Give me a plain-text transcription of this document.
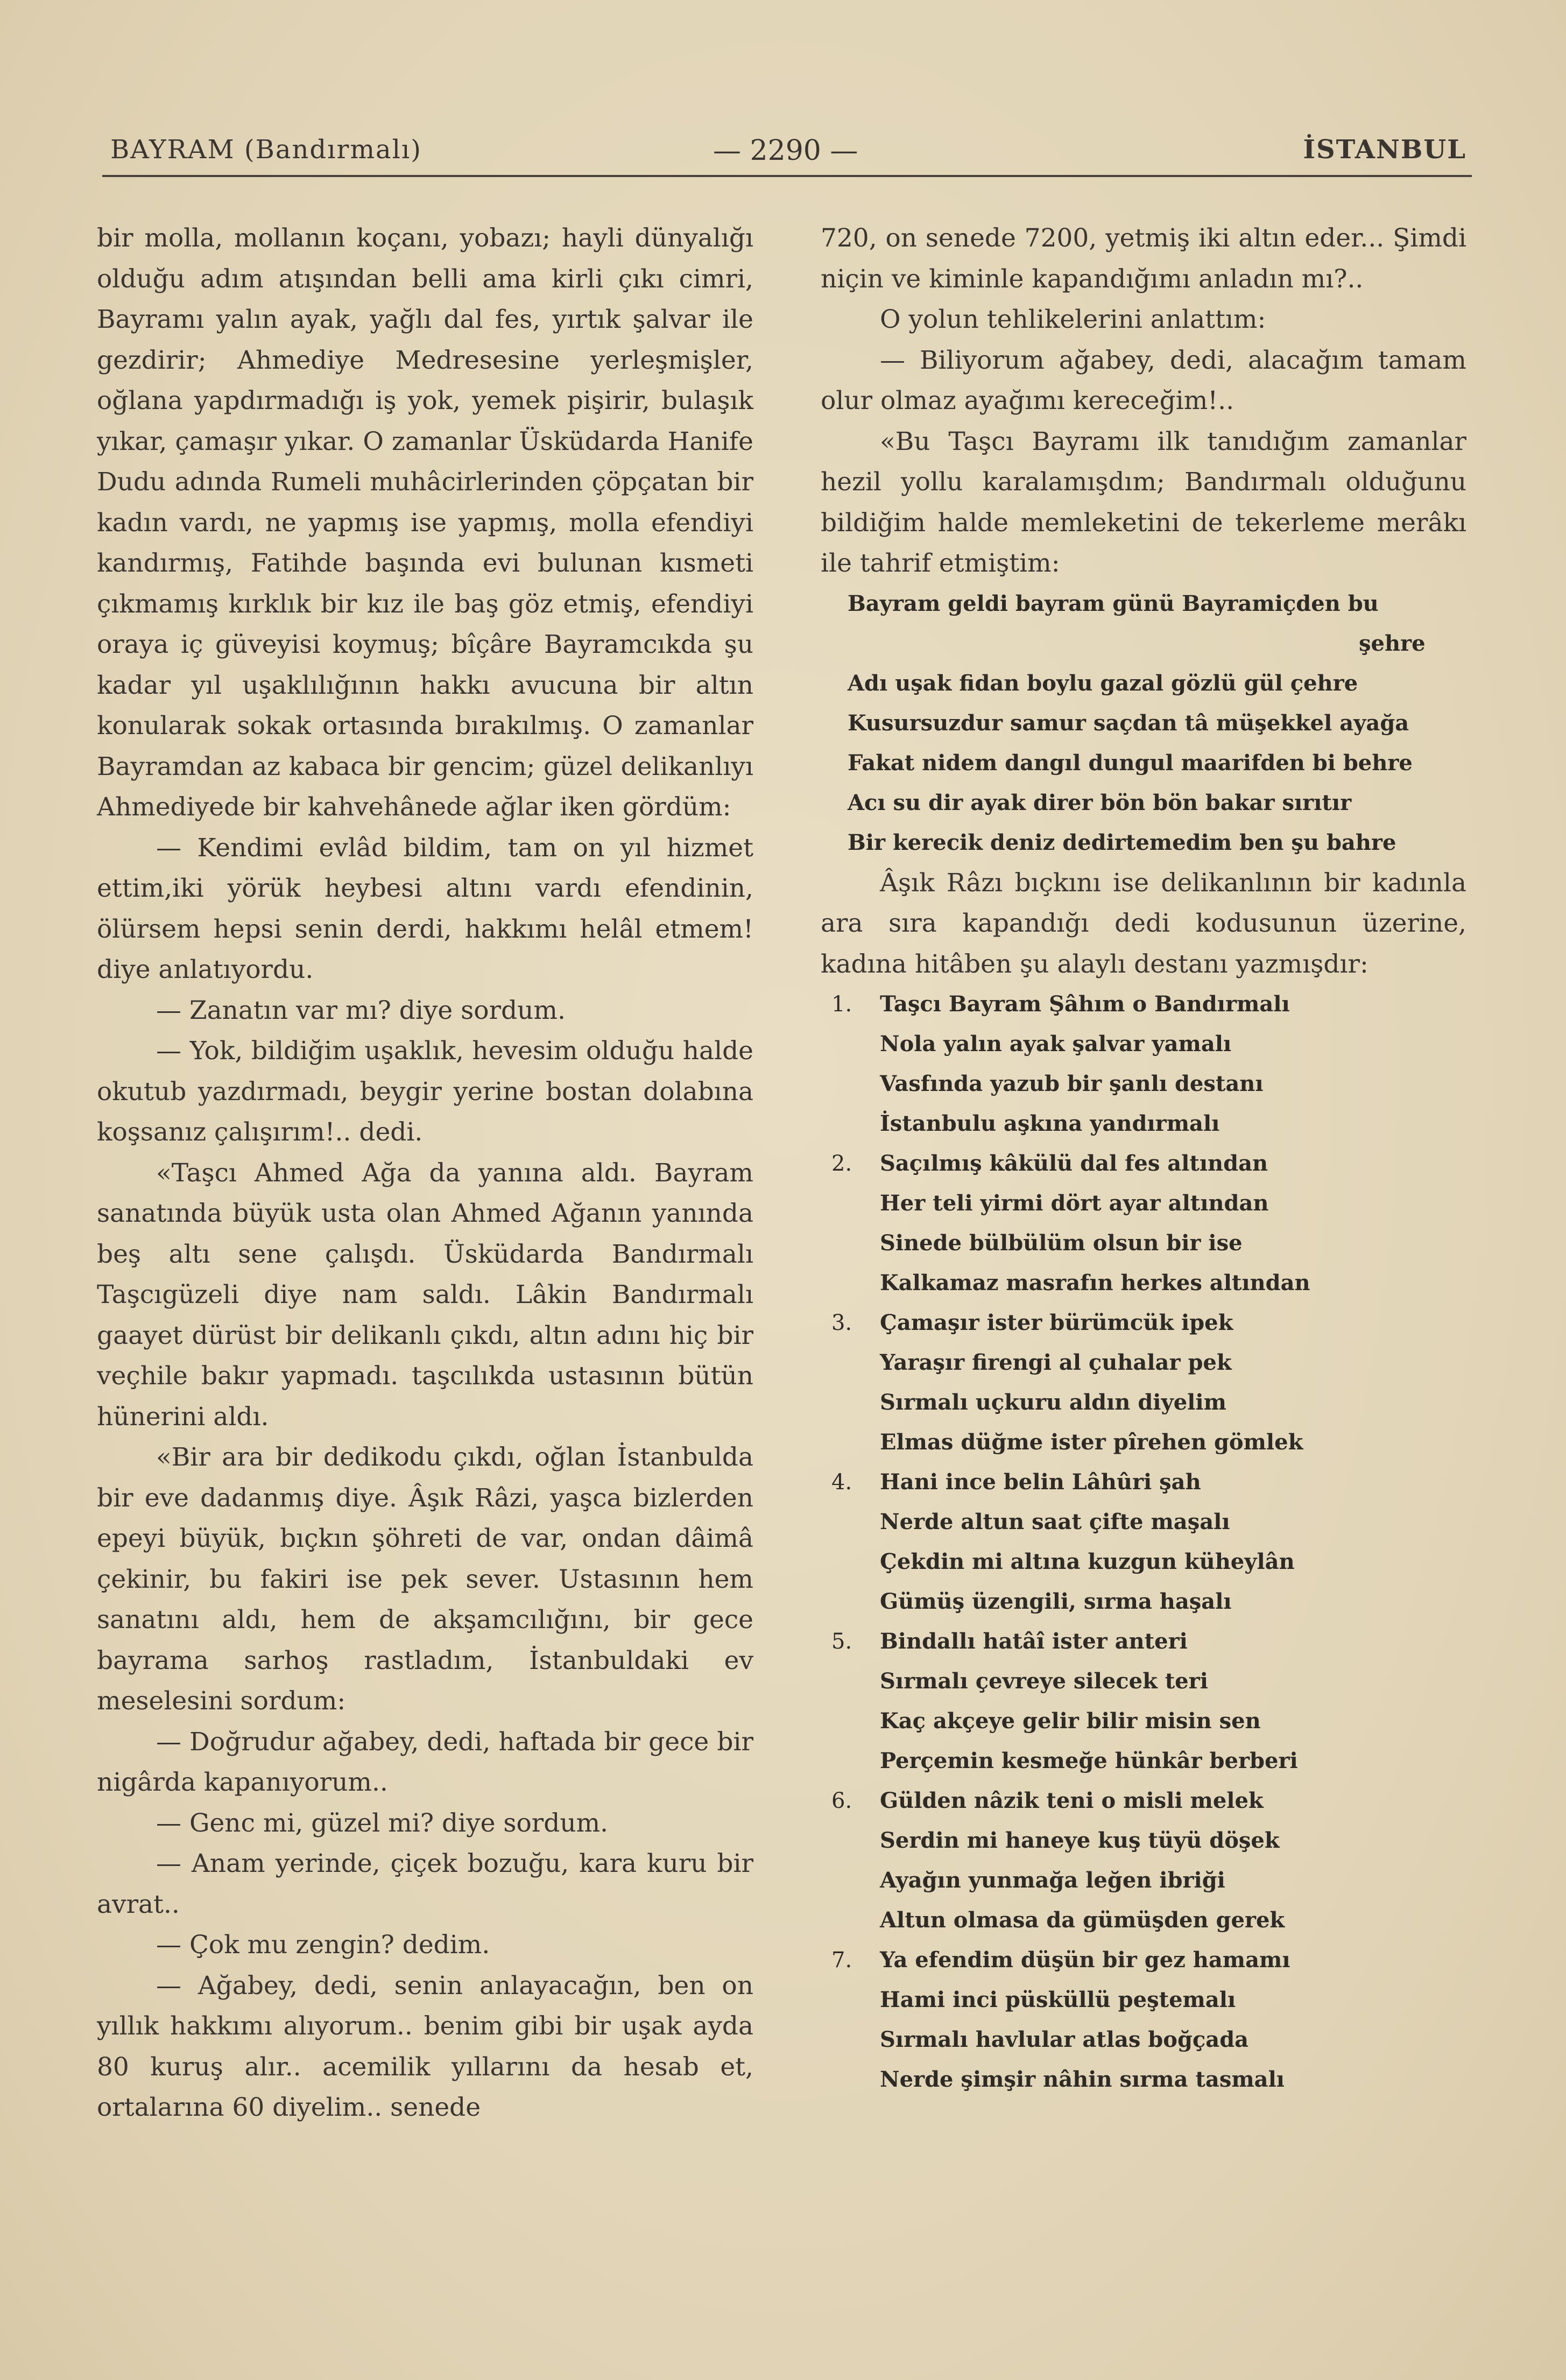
BAYRAM (Bandırmalı)	— 2290 —	İSTANBUL

bir molla, mollanın koçanı, yobazı; hayli dünyalığı olduğu adım atışından belli ama kirli çıkı cimri, Bayramı yalın ayak, yağlı dal fes, yırtık şalvar ile gezdirir; Ahmediye Medresesine yerleşmişler, oğlana yapdırmadığı iş yok, yemek pişirir, bulaşık yıkar, çamaşır yıkar. O zamanlar Üsküdarda Hanife Dudu adında Rumeli muhâcirlerinden çöpçatan bir kadın vardı, ne yapmış ise yapmış, molla efendiyi kandırmış, Fatihde başında evi bulunan kısmeti çıkmamış kırklık bir kız ile baş göz etmiş, efendiyi oraya iç güveyisi koymuş; bîçâre Bayramcıkda şu kadar yıl uşaklılığının hakkı avucuna bir altın konularak sokak ortasında bırakılmış. O zamanlar Bayramdan az kabaca bir gencim; güzel delikanlıyı Ahmediyede bir kahvehânede ağlar iken gördüm:

— Kendimi evlâd bildim, tam on yıl hizmet ettim,iki yörük heybesi altını vardı efendinin, ölürsem hepsi senin derdi, hakkımı helâl etmem! diye anlatıyordu.

— Zanatın var mı? diye sordum.

— Yok, bildiğim uşaklık, hevesim olduğu halde okutub yazdırmadı, beygir yerine bostan dolabına koşsanız çalışırım!.. dedi.

«Taşcı Ahmed Ağa da yanına aldı. Bayram sanatında büyük usta olan Ahmed Ağanın yanında beş altı sene çalışdı. Üsküdarda Bandırmalı Taşcıgüzeli diye nam saldı. Lâkin Bandırmalı gaayet dürüst bir delikanlı çıkdı, altın adını hiç bir veçhile bakır yapmadı. taşcılıkda ustasının bütün hünerini aldı.

«Bir ara bir dedikodu çıkdı, oğlan İstanbulda bir eve dadanmış diye. Âşık Râzi, yaşca bizlerden epeyi büyük, bıçkın şöhreti de var, ondan dâimâ çekinir, bu fakiri ise pek sever. Ustasının hem sanatını aldı, hem de akşamcılığını, bir gece bayrama sarhoş rastladım, İstanbuldaki ev meselesini sordum:

— Doğrudur ağabey, dedi, haftada bir gece bir nigârda kapanıyorum..

— Genc mi, güzel mi? diye sordum.

— Anam yerinde, çiçek bozuğu, kara kuru bir avrat..

— Çok mu zengin? dedim.

— Ağabey, dedi, senin anlayacağın, ben on yıllık hakkımı alıyorum.. benim gibi bir uşak ayda 80 kuruş alır.. acemilik yıllarını da hesab et, ortalarına 60 diyelim.. senede

720, on senede 7200, yetmiş iki altın eder... Şimdi niçin ve kiminle kapandığımı anladın mı?..

O yolun tehlikelerini anlattım:

— Biliyorum ağabey, dedi, alacağım tamam olur olmaz ayağımı kereceğim!..

«Bu Taşcı Bayramı ilk tanıdığım zamanlar hezil yollu karalamışdım; Bandırmalı olduğunu bildiğim halde memleketini de tekerleme merâkı ile tahrif etmiştim:

Bayram geldi bayram günü Bayramiçden bu
şehre
Adı uşak fidan boylu gazal gözlü gül çehre
Kusursuzdur samur saçdan tâ müşekkel ayağa
Fakat nidem dangıl dungul maarifden bi behre
Acı su dir ayak direr bön bön bakar sırıtır
Bir kerecik deniz dedirtemedim ben şu bahre

Âşık Râzı bıçkını ise delikanlının bir kadınla ara sıra kapandığı dedi kodusunun üzerine, kadına hitâben şu alaylı destanı yazmışdır:

1.	Taşcı Bayram Şâhım o Bandırmalı
Nola yalın ayak şalvar yamalı
Vasfında yazub bir şanlı destanı
İstanbulu aşkına yandırmalı
2.	Saçılmış kâkülü dal fes altından
Her teli yirmi dört ayar altından
Sinede bülbülüm olsun bir ise
Kalkamaz masrafın herkes altından
3.	Çamaşır ister bürümcük ipek
Yaraşır firengi al çuhalar pek
Sırmalı uçkuru aldın diyelim
Elmas düğme ister pîrehen gömlek
4.	Hani ince belin Lâhûri şah
Nerde altun saat çifte maşalı
Çekdin mi altına kuzgun küheylân
Gümüş üzengili, sırma haşalı
5.	Bindallı hatâî ister anteri
Sırmalı çevreye silecek teri
Kaç akçeye gelir bilir misin sen
Perçemin kesmeğe hünkâr berberi
6.	Gülden nâzik teni o misli melek
Serdin mi haneye kuş tüyü döşek
Ayağın yunmağa leğen ibriği
Altun olmasa da gümüşden gerek
7.	Ya efendim düşün bir gez hamamı
Hami inci püsküllü peştemalı
Sırmalı havlular atlas boğçada
Nerde şimşir nâhin sırma tasmalı
